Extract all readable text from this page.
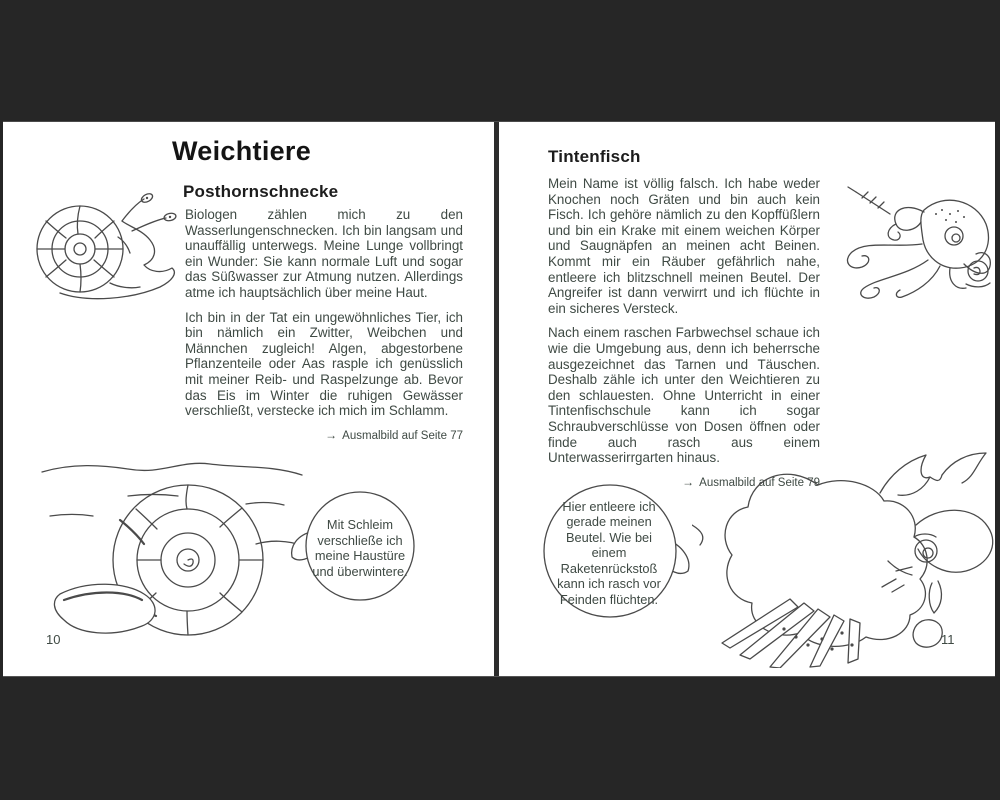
Weichtiere
Posthornschnecke

Biologen zählen mich zu den Wasserlungenschnecken. Ich bin langsam und unauffällig unterwegs. Meine Lunge vollbringt ein Wunder: Sie kann normale Luft und sogar das Süßwasser zur Atmung nutzen. Allerdings atme ich hauptsächlich über meine Haut.

Ich bin in der Tat ein ungewöhnliches Tier, ich bin nämlich ein Zwitter, Weibchen und Männchen zugleich! Algen, abgestorbene Pflanzenteile oder Aas rasple ich genüsslich mit meiner Reib- und Raspelzunge ab. Bevor das Eis im Winter die ruhigen Gewässer verschließt, verstecke ich mich im Schlamm.

→ Ausmalbild auf Seite 77
Mit Schleim verschließe ich meine Haustüre und überwintere.
10
Tintenfisch

Mein Name ist völlig falsch. Ich habe weder Knochen noch Gräten und bin auch kein Fisch. Ich gehöre nämlich zu den Kopffüßlern und bin ein Krake mit einem weichen Körper und Saugnäpfen an meinen acht Beinen. Kommt mir ein Räuber gefährlich nahe, entleere ich blitzschnell meinen Beutel. Der Angreifer ist dann verwirrt und ich flüchte in ein sicheres Versteck.

Nach einem raschen Farbwechsel schaue ich wie die Umgebung aus, denn ich beherrsche ausgezeichnet das Tarnen und Täuschen. Deshalb zähle ich unter den Weichtieren zu den schlauesten. Ohne Unterricht in einer Tintenfischschule kann ich sogar Schraubverschlüsse von Dosen öffnen oder finde auch rasch aus einem Unterwasserirrgarten hinaus.

→ Ausmalbild auf Seite 79
Hier entleere ich gerade meinen Beutel. Wie bei einem Raketenrückstoß kann ich rasch vor Feinden flüchten.
11
